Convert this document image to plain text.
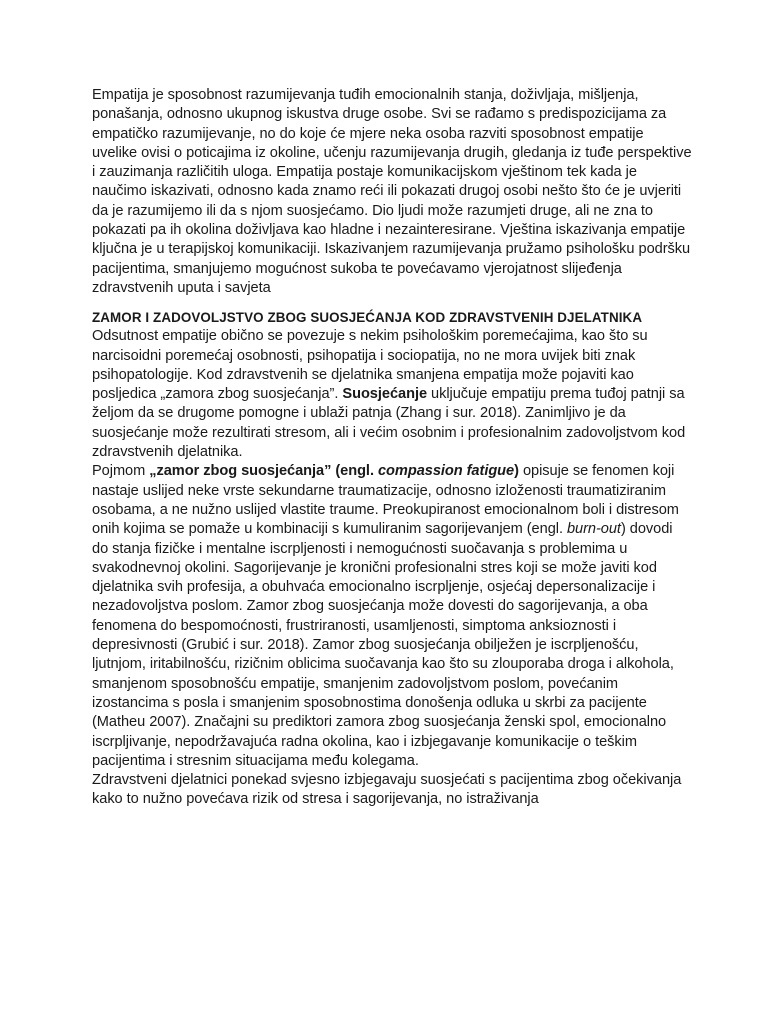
Empatija je sposobnost razumijevanja tuđih emocionalnih stanja, doživljaja, mišljenja, ponašanja, odnosno ukupnog iskustva druge osobe. Svi se rađamo s predispozicijama za empatičko razumijevanje, no do koje će mjere neka osoba razviti sposobnost empatije uvelike ovisi o poticajima iz okoline, učenju razumijevanja drugih, gledanja iz tuđe perspektive i zauzimanja različitih uloga. Empatija postaje komunikacijskom vještinom tek kada je naučimo iskazivati, odnosno kada znamo reći ili pokazati drugoj osobi nešto što će je uvjeriti da je razumijemo ili da s njom suosjećamo. Dio ljudi može razumjeti druge, ali ne zna to pokazati pa ih okolina doživljava kao hladne i nezainteresirane. Vještina iskazivanja empatije ključna je u terapijskoj komunikaciji. Iskazivanjem razumijevanja pružamo psihološku podršku pacijentima, smanjujemo mogućnost sukoba te povećavamo vjerojatnost slijeđenja zdravstvenih uputa i savjeta

ZAMOR I ZADOVOLJSTVO ZBOG SUOSJEĆANJA KOD ZDRAVSTVENIH DJELATNIKA

Odsutnost empatije obično se povezuje s nekim psihološkim poremećajima, kao što su narcisoidni poremećaj osobnosti, psihopatija i sociopatija, no ne mora uvijek biti znak psihopatologije. Kod zdravstvenih se djelatnika smanjena empatija može pojaviti kao posljedica „zamora zbog suosjećanja”. Suosjećanje uključuje empatiju prema tuđoj patnji sa željom da se drugome pomogne i ublaži patnja (Zhang i sur. 2018). Zanimljivo je da suosjećanje može rezultirati stresom, ali i većim osobnim i profesionalnim zadovoljstvom kod zdravstvenih djelatnika.

Pojmom „zamor zbog suosjećanja” (engl. compassion fatigue) opisuje se fenomen koji nastaje uslijed neke vrste sekundarne traumatizacije, odnosno izloženosti traumatiziranim osobama, a ne nužno uslijed vlastite traume. Preokupiranost emocionalnom boli i distresom onih kojima se pomaže u kombinaciji s kumuliranim sagorijevanjem (engl. burn-out) dovodi do stanja fizičke i mentalne iscrpljenosti i nemogućnosti suočavanja s problemima u svakodnevnoj okolini. Sagorijevanje je kronični profesionalni stres koji se može javiti kod djelatnika svih profesija, a obuhvaća emocionalno iscrpljenje, osjećaj depersonalizacije i nezadovoljstva poslom. Zamor zbog suosjećanja može dovesti do sagorijevanja, a oba fenomena do bespomoćnosti, frustriranosti, usamljenosti, simptoma anksioznosti i depresivnosti (Grubić i sur. 2018). Zamor zbog suosjećanja obilježen je iscrpljenošću, ljutnjom, iritabilnošću, rizičnim oblicima suočavanja kao što su zlouporaba droga i alkohola, smanjenom sposobnošću empatije, smanjenim zadovoljstvom poslom, povećanim izostancima s posla i smanjenim sposobnostima donošenja odluka u skrbi za pacijente (Matheu 2007). Značajni su prediktori zamora zbog suosjećanja ženski spol, emocionalno iscrpljivanje, nepodržavajuća radna okolina, kao i izbjegavanje komunikacije o teškim pacijentima i stresnim situacijama među kolegama.

Zdravstveni djelatnici ponekad svjesno izbjegavaju suosjećati s pacijentima zbog očekivanja kako to nužno povećava rizik od stresa i sagorijevanja, no istraživanja
